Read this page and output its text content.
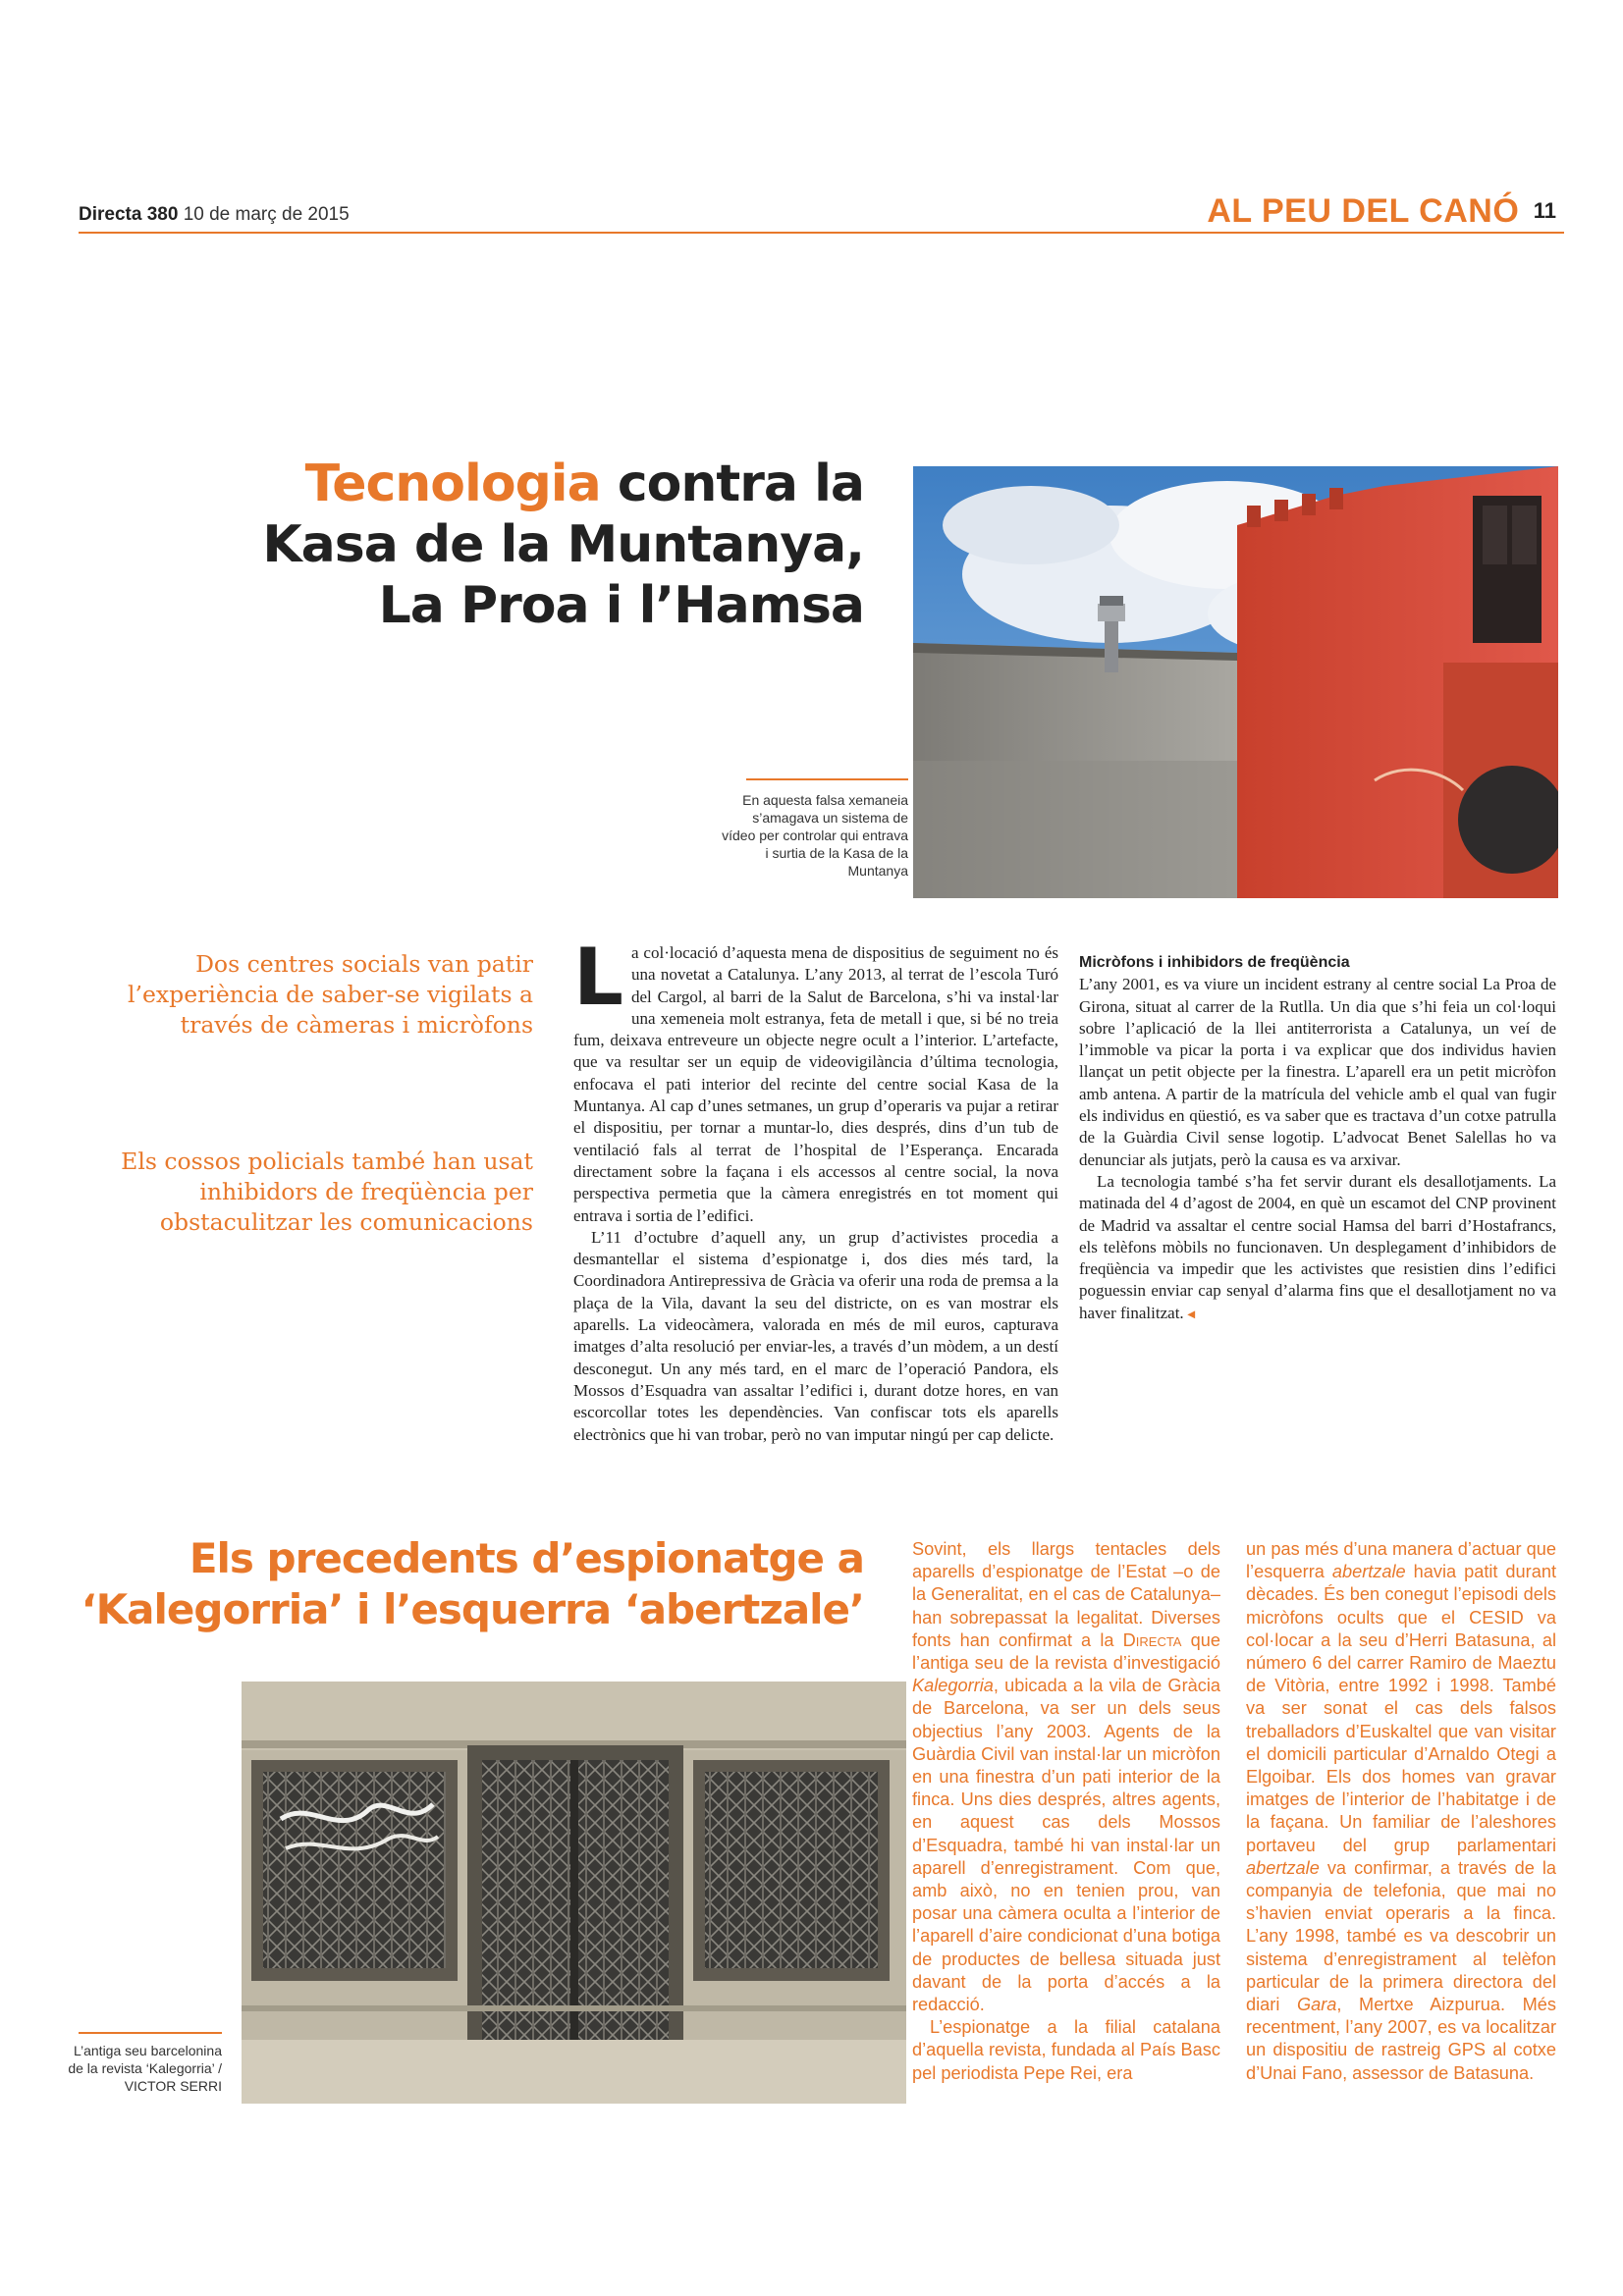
Directa 380 10 de març de 2015	AL PEU DEL CANÓ 11
Tecnologia contra la
Kasa de la Muntanya,
La Proa i l’Hamsa
En aquesta falsa xemaneia s’amagava un sistema de vídeo per controlar qui entrava i surtia de la Kasa de la Muntanya
Dos centres socials van patir l’experiència de saber-se vigilats a través de càmeras i micròfons
Els cossos policials també han usat inhibidors de freqüència per obstaculitzar les comunicacions

La col·locació d’aquesta mena de dispositius de seguiment no és una novetat a Catalunya. L’any 2013, al terrat de l’escola Turó del Cargol, al barri de la Salut de Barcelona, s’hi va instal·lar una xemeneia molt estranya, feta de metall i que, si bé no treia fum, deixava entreveure un objecte negre ocult a l’interior. L’artefacte, que va resultar ser un equip de videovigilància d’última tecnologia, enfocava el pati interior del recinte del centre social Kasa de la Muntanya. Al cap d’unes setmanes, un grup d’operaris va pujar a retirar el dispositiu, per tornar a muntar-lo, dies després, dins d’un tub de ventilació fals al terrat de l’hospital de l’Esperança. Encarada directament sobre la façana i els accessos al centre social, la nova perspectiva permetia que la càmera enregistrés en tot moment qui entrava i sortia de l’edifici.

L’11 d’octubre d’aquell any, un grup d’activistes procedia a desmantellar el sistema d’espionatge i, dos dies més tard, la Coordinadora Antirepressiva de Gràcia va oferir una roda de premsa a la plaça de la Vila, davant la seu del districte, on es van mostrar els aparells. La videocàmera, valorada en més de mil euros, capturava imatges d’alta resolució per enviar-les, a través d’un mòdem, a un destí desconegut. Un any més tard, en el marc de l’operació Pandora, els Mossos d’Esquadra van assaltar l’edifici i, durant dotze hores, en van escorcollar totes les dependències. Van confiscar tots els aparells electrònics que hi van trobar, però no van imputar ningú per cap delicte.

Micròfons i inhibidors de freqüència

L’any 2001, es va viure un incident estrany al centre social La Proa de Girona, situat al carrer de la Rutlla. Un dia que s’hi feia un col·loqui sobre l’aplicació de la llei antiterrorista a Catalunya, un veí de l’immoble va picar la porta i va explicar que dos individus havien llançat un petit objecte per la finestra. L’aparell era un petit micròfon amb antena. A partir de la matrícula del vehicle amb el qual van fugir els individus en qüestió, es va saber que es tractava d’un cotxe patrulla de la Guàrdia Civil sense logotip. L’advocat Benet Salellas ho va denunciar als jutjats, però la causa es va arxivar.

La tecnologia també s’ha fet servir durant els desallotjaments. La matinada del 4 d’agost de 2004, en què un escamot del CNP provinent de Madrid va assaltar el centre social Hamsa del barri d’Hostafrancs, els telèfons mòbils no funcionaven. Un desplegament d’inhibidors de freqüència va impedir que les activistes que resistien dins l’edifici poguessin enviar cap senyal d’alarma fins que el desallotjament no va haver finalitzat. ◂

Els precedents d’espionatge a
‘Kalegorria’ i l’esquerra ‘abertzale’
L’antiga seu barcelonina de la revista ‘Kalegorria’ / VICTOR SERRI

Sovint, els llargs tentacles dels aparells d’espionatge de l’Estat –o de la Generalitat, en el cas de Catalunya– han sobrepassat la legalitat. Diverses fonts han confirmat a la Directa que l’antiga seu de la revista d’investigació Kalegorria, ubicada a la vila de Gràcia de Barcelona, va ser un dels seus objectius l’any 2003. Agents de la Guàrdia Civil van instal·lar un micròfon en una finestra d’un pati interior de la finca. Uns dies després, altres agents, en aquest cas dels Mossos d’Esquadra, també hi van instal·lar un aparell d’enregistrament. Com que, amb això, no en tenien prou, van posar una càmera oculta a l’interior de l’aparell d’aire condicionat d’una botiga de productes de bellesa situada just davant de la porta d’accés a la redacció.

L’espionatge a la filial catalana d’aquella revista, fundada al País Basc pel periodista Pepe Rei, era

un pas més d’una manera d’actuar que l’esquerra abertzale havia patit durant dècades. És ben conegut l’episodi dels micròfons ocults que el CESID va col·locar a la seu d’Herri Batasuna, al número 6 del carrer Ramiro de Maeztu de Vitòria, entre 1992 i 1998. També va ser sonat el cas dels falsos treballadors d’Euskaltel que van visitar el domicili particular d’Arnaldo Otegi a Elgoibar. Els dos homes van gravar imatges de l’interior de l’habitatge i de la façana. Un familiar de l’aleshores portaveu del grup parlamentari abertzale va confirmar, a través de la companyia de telefonia, que mai no s’havien enviat operaris a la finca. L’any 1998, també es va descobrir un sistema d’enregistrament al telèfon particular de la primera directora del diari Gara, Mertxe Aizpurua. Més recentment, l’any 2007, es va localitzar un dispositiu de rastreig GPS al cotxe d’Unai Fano, assessor de Batasuna.
